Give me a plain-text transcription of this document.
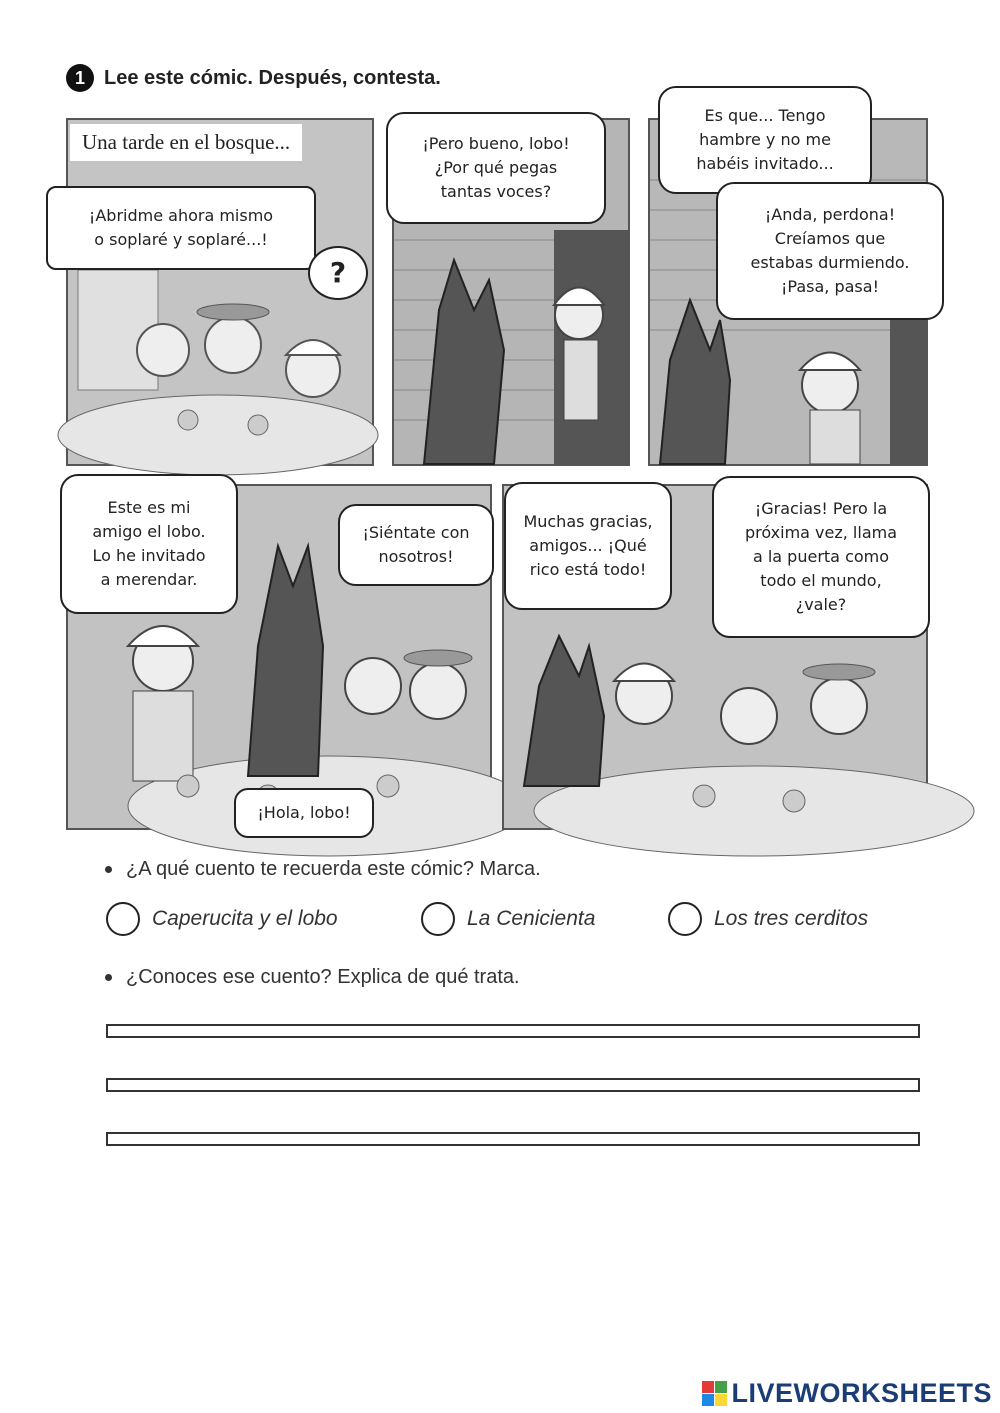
1 Lee este cómic. Después, contesta.
Una tarde en el bosque...
¡Abridme ahora mismo
o soplaré y soplaré...!
?
¡Pero bueno, lobo!
¿Por qué pegas
tantas voces?
Es que... Tengo
hambre y no me
habéis invitado...
¡Anda, perdona!
Creíamos que
estabas durmiendo.
¡Pasa, pasa!
Este es mi
amigo el lobo.
Lo he invitado
a merendar.
¡Siéntate con
nosotros!
¡Hola, lobo!
Muchas gracias,
amigos... ¡Qué
rico está todo!
¡Gracias! Pero la
próxima vez, llama
a la puerta como
todo el mundo,
¿vale?
¿A qué cuento te recuerda este cómic? Marca.
Caperucita y el lobo	La Cenicienta	Los tres cerditos
¿Conoces ese cuento? Explica de qué trata.
LIVEWORKSHEETS
